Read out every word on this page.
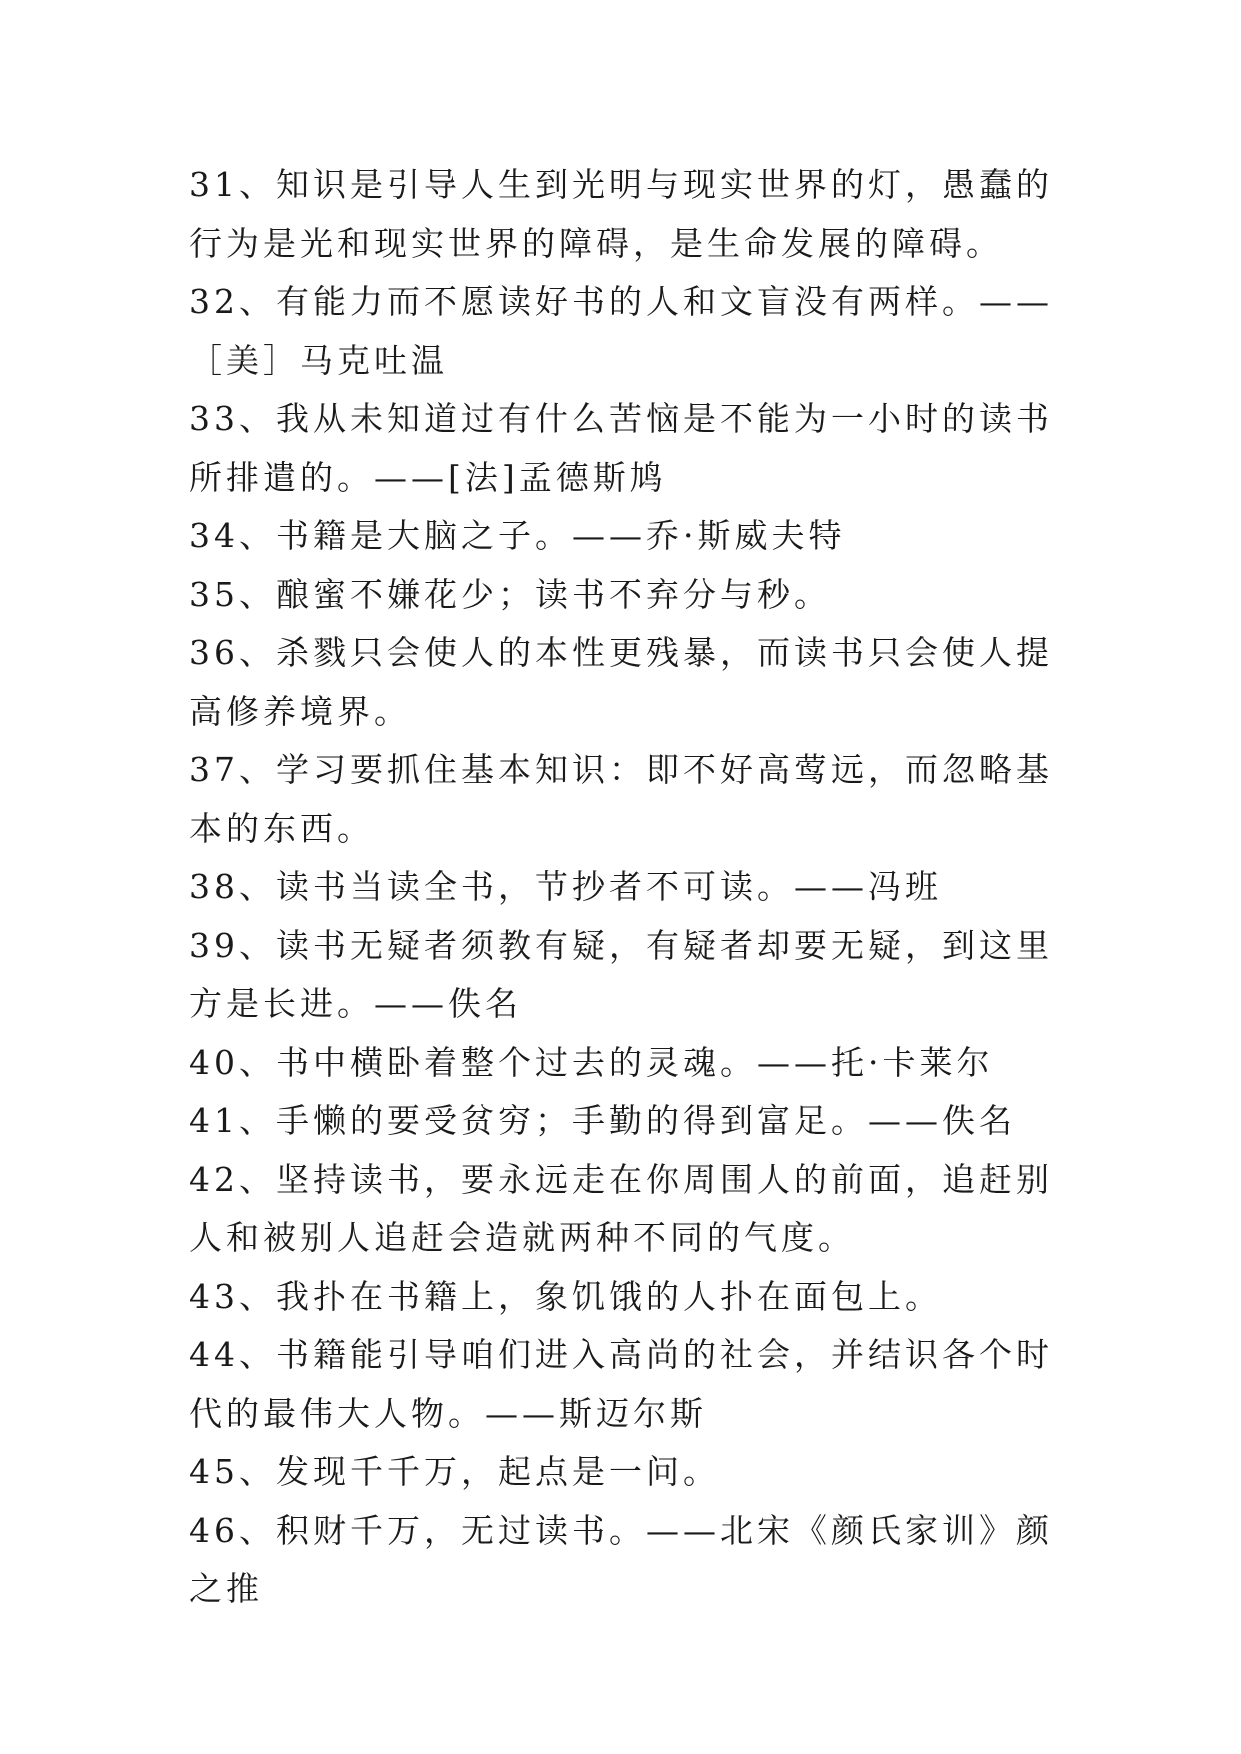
31、知识是引导人生到光明与现实世界的灯，愚蠢的行为是光和现实世界的障碍，是生命发展的障碍。

32、有能力而不愿读好书的人和文盲没有两样。—— ［美］马克吐温

33、我从未知道过有什么苦恼是不能为一小时的读书所排遣的。——[法]孟德斯鸠

34、书籍是大脑之子。——乔·斯威夫特

35、酿蜜不嫌花少；读书不弃分与秒。

36、杀戮只会使人的本性更残暴，而读书只会使人提高修养境界。

37、学习要抓住基本知识：即不好高莺远，而忽略基本的东西。

38、读书当读全书，节抄者不可读。——冯班

39、读书无疑者须教有疑，有疑者却要无疑，到这里方是长进。——佚名

40、书中横卧着整个过去的灵魂。——托·卡莱尔

41、手懒的要受贫穷；手勤的得到富足。——佚名

42、坚持读书，要永远走在你周围人的前面，追赶别人和被别人追赶会造就两种不同的气度。

43、我扑在书籍上，象饥饿的人扑在面包上。

44、书籍能引导咱们进入高尚的社会，并结识各个时代的最伟大人物。——斯迈尔斯

45、发现千千万，起点是一问。

46、积财千万，无过读书。——北宋《颜氏家训》颜之推
